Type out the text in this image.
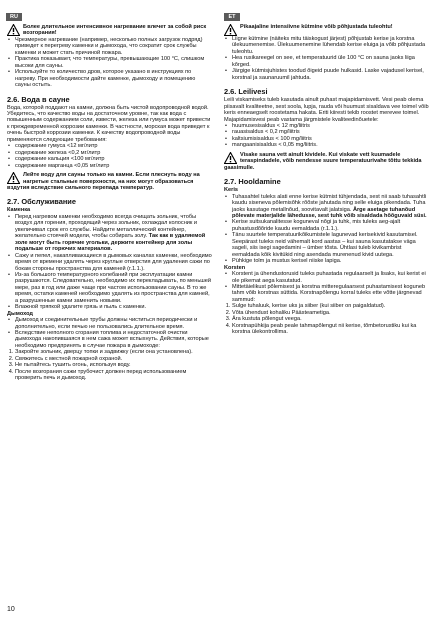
RU	ET
Более длительное интенсивное нагревание влечет за собой риск возгорания!
• Чрезмерное нагревание (например, несколько полных загрузок подряд) приведет к перегреву каменки и дымохода, что сократит срок службы каменки и может стать причиной пожара.
• Практика показывает, что температуры, превышающие 100 °C, слишком высоки для сауны.
• Используйте то количество дров, которое указано в инструкциях по нагреву. При необходимости дайте каменке, дымоходу и помещению сауны остыть.
2.6. Вода в сауне

Вода, которой поддают на камни, должна быть чистой водопроводной водой. Убедитесь, что качество воды на достаточном уровне, так как вода с повышенным содержанием соли, извести, железа или гумуса может привести к преждевременной коррозии каменки. В частности, морская вода приведет к очень быстрой коррозии каменки. К качеству водопроводной воды применяются следующие требования:

• содержание гумуса <12 мг/литр
• содержание железа <0,2 мг/литр
• содержание кальция <100 мг/литр
• содержание марганца <0,05 мг/литр
Лейте воду для сауны только на камни. Если плеснуть воду на нагретые стальные поверхности, на них могут образоваться вздутия вследствие сильного перепада температур.
2.7. Обслуживание

Каменка

• Перед нагревом каменки необходимо всегда очищать зольник, чтобы воздух для горения, проходящий через зольник, охлаждал колосник и увеличивал срок его службы. Найдите металлический контейнер, желательно стоячей модели, чтобы собирать золу. Так как в удаляемой золе могут быть горячие угольки, держите контейнер для золы подальше от горючих материалов.
• Сажу и пепел, накапливающиеся в дымовых каналах каменки, необходимо время от времени удалять через круглые отверстия для удаления сажи по бокам стороны пространства для каменей (г.1.1.).
• Из-за большого температурного колебаний при эксплуатации камни разрушаются. Следовательно, необходимо их перекладывать, по меньшей мере, раз в год или даже чаще при частом использовании сауны. В то же время, остатки каменей необходимо удалять из пространства для камней, а разрушенные камни заменить новыми.
• Влажной тряпкой удалите грязь и пыль с каменки.

Дымоход

• Дымоход и соединительные трубы должны чиститься периодически и дополнительно, если печью не пользовались длительное время.
• Вследствие неполного сгорания топлива и недостаточной очистки дымохода накопившаяся в нем сажа может вспыхнуть. Действия, которые необходимо предпринять в случае пожара в дымоходе:
1. Закройте зольник, дверцу топки и задвижку (если она установлена).
2. Свяжитесь с местной пожарной охраной.
3. Не пытайтесь тушить огонь, используя воду.
4. После возгорания сажи трубочист должен перед использованием проверить печь и дымоход.
Pikaajaline intensiivne kütmine võib põhjustada tuleohtu!
• Liigne kütmine (näiteks mitu täiskogust järjest) põhjustab kerise ja korstna ülekuumenemise. Ülekuumenemine lühendab kerise eluiga ja võib põhjustada tuleohtu.
• Hea rusikareegel on see, et temperatuurid üle 100 °C on sauna jaoks liiga kõrged.
• Järgige kütmisjuhistes toodud õigeid puude hulkasid. Laske vajadusel kerisel, korstnal ja saunaruumil jahtuda.
2.6. Leilivesi

Leili viskamiseks tuleb kasutada ainult puhast majapidamisvett. Vesi peab olema piisavalt kvaliteetne, sest soola, lupja, rauda või huumust sisaldava vee toimel võib keris enneaegselt roostetama hakata. Eriti kiiresti tekib roostet merevee toimel. Majapidamisvesi peab vastama järgmistele kvaliteedinõuetele:

• huumusesisaldus < 12 mg/liitris
• rauasisaldus < 0,2 mg/liitris
• kaltsiumisisaldus < 100 mg/liitris
• mangaanisisaldus < 0,05 mg/liitris.
Visake sauna vett ainult kividele. Kui viskate vett kuumadele teraspindadele, võib nendesse suure temperatuurivahe tõttu tekkida gaasimulle.
2.7. Hooldamine

Keris

• Tuhasahtel tuleks alati enne kerise kütmist tühjendada, sest nii saab tuhasahtli kaudu siseneva põlemisõhk rõõste jahutada ning selle eluiga pikendada. Tuha jaoks kasutage metallnõud, soovitavalt jalatsiga. Ärge asetage tuhanõud põlevate materjalide lähedusse, sest tuhk võib sisaldada hõõguvaid süsi.
• Kerise suitsukanalitesse koguneval nõgi ja tuhk, mis tuleks aeg-ajalt puhastusdõõride kaudu eemaldada (r.1.1.).
• Tänu suurtele temperatuurikõikumistele lagunevad kerisekivid kasutamisel. Seepärast tuleks neid vähemalt kord aastas – kui sauna kasutatakse väga sageli, siis isegi sagedamini – ümber tõsta. Ühtlasi tuleb kivikambrist eemaldada kõik kivitükid ning asendada murenenud kivid uutega.
• Pühkige tolm ja mustus kerisel niiske lapiga.

Korsten

• Korstent ja ühendustorusid tuleks puhastada regulaarselt ja lisaks, kui kerist ei ole pikemat aega kasutatud.
• Mittetäielikust põlemisest ja korstna mitteregulaarsest puhastamisest koguneb tahm võib korstnas süttida. Korstnapõlengu korral tuleks ette võtte järgnevad sammud:
1. Sulge tuhaluuk, kerise uks ja siiber (kui siiber on paigaldatud).
2. Võta ühendust kohaliku Päästeametiga.
3. Ära kustuta põlengut veega.
4. Korstnapühkija peab peale tahmapõlengut nii kerise, tõmbetorustiku kui ka korstna ülekontrollima.
10
